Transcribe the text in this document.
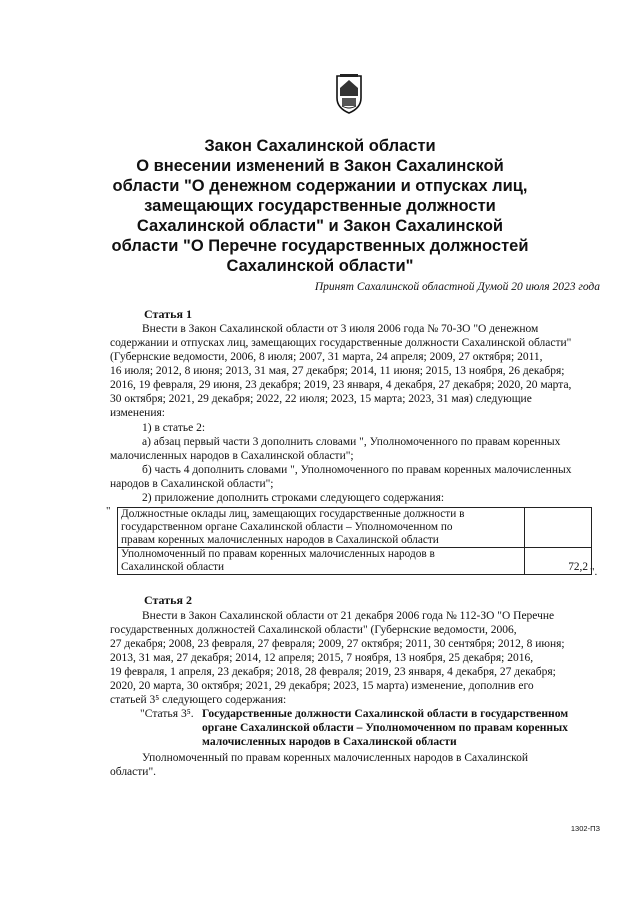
Закон Сахалинской области
О внесении изменений в Закон Сахалинской
области "О денежном содержании и отпусках лиц,
замещающих государственные должности
Сахалинской области" и Закон Сахалинской
области "О Перечне государственных должностей
Сахалинской области"
Принят Сахалинской областной Думой 20 июля 2023 года
Статья 1
Внести в Закон Сахалинской области от 3 июля 2006 года № 70-ЗО "О денежном
содержании и отпусках лиц, замещающих государственные должности Сахалинской области"
(Губернские ведомости, 2006, 8 июля; 2007, 31 марта, 24 апреля; 2009, 27 октября; 2011,
16 июля; 2012, 8 июня; 2013, 31 мая, 27 декабря; 2014, 11 июня; 2015, 13 ноября, 26 декабря;
2016, 19 февраля, 29 июня, 23 декабря; 2019, 23 января, 4 декабря, 27 декабря; 2020, 20 марта,
30 октября; 2021, 29 декабря; 2022, 22 июля; 2023, 15 марта; 2023, 31 мая) следующие
изменения:
1) в статье 2:
а) абзац первый части 3 дополнить словами ", Уполномоченного по правам коренных
малочисленных народов в Сахалинской области";
б) часть 4 дополнить словами ", Уполномоченного по правам коренных малочисленных
народов в Сахалинской области";
2) приложение дополнить строками следующего содержания:
" Должностные оклады лиц, замещающих государственные должности в
государственном органе Сахалинской области – Уполномоченном по
правам коренных малочисленных народов в Сахалинской области	

Уполномоченный по правам коренных малочисленных народов в
Сахалинской области	72,2 ".
Статья 2
Внести в Закон Сахалинской области от 21 декабря 2006 года № 112-ЗО "О Перечне
государственных должностей Сахалинской области" (Губернские ведомости, 2006,
27 декабря; 2008, 23 февраля, 27 февраля; 2009, 27 октября; 2011, 30 сентября; 2012, 8 июня;
2013, 31 мая, 27 декабря; 2014, 12 апреля; 2015, 7 ноября, 13 ноября, 25 декабря; 2016,
19 февраля, 1 апреля, 23 декабря; 2018, 28 февраля; 2019, 23 января, 4 декабря, 27 декабря;
2020, 20 марта, 30 октября; 2021, 29 декабря; 2023, 15 марта) изменение, дополнив его
статьей 3⁵ следующего содержания:
"Статья 3⁵. Государственные должности Сахалинской области в государственном
органе Сахалинской области – Уполномоченном по правам коренных
малочисленных народов в Сахалинской области
Уполномоченный по правам коренных малочисленных народов в Сахалинской
области".
1302-ПЗ
